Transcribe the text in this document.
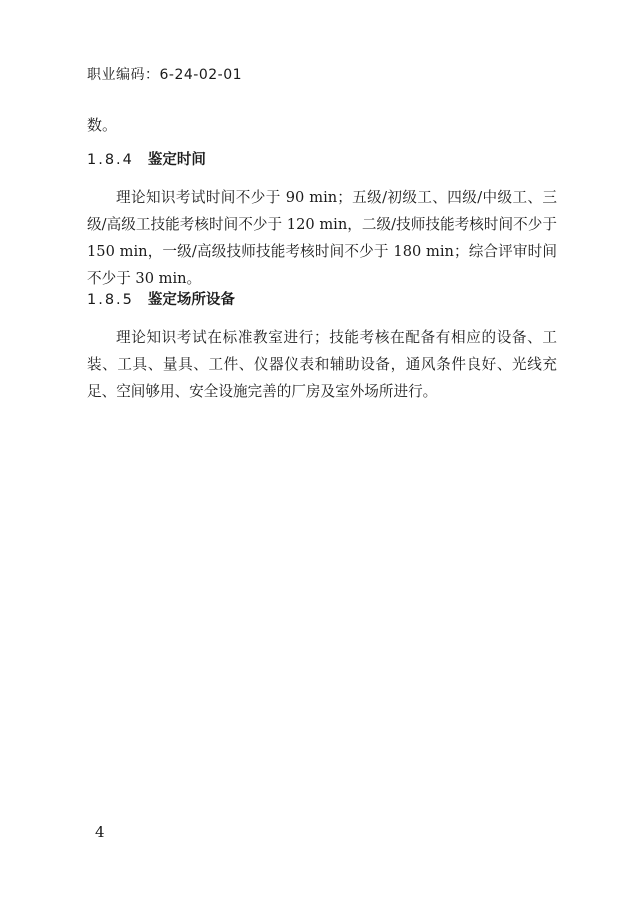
职业编码：6-24-02-01
数。

1.8.4 鉴定时间

理论知识考试时间不少于 90 min；五级/初级工、四级/中级工、三级/高级工技能考核时间不少于 120 min，二级/技师技能考核时间不少于 150 min，一级/高级技师技能考核时间不少于 180 min；综合评审时间不少于 30 min。

1.8.5 鉴定场所设备

理论知识考试在标准教室进行；技能考核在配备有相应的设备、工装、工具、量具、工件、仪器仪表和辅助设备，通风条件良好、光线充足、空间够用、安全设施完善的厂房及室外场所进行。

4
